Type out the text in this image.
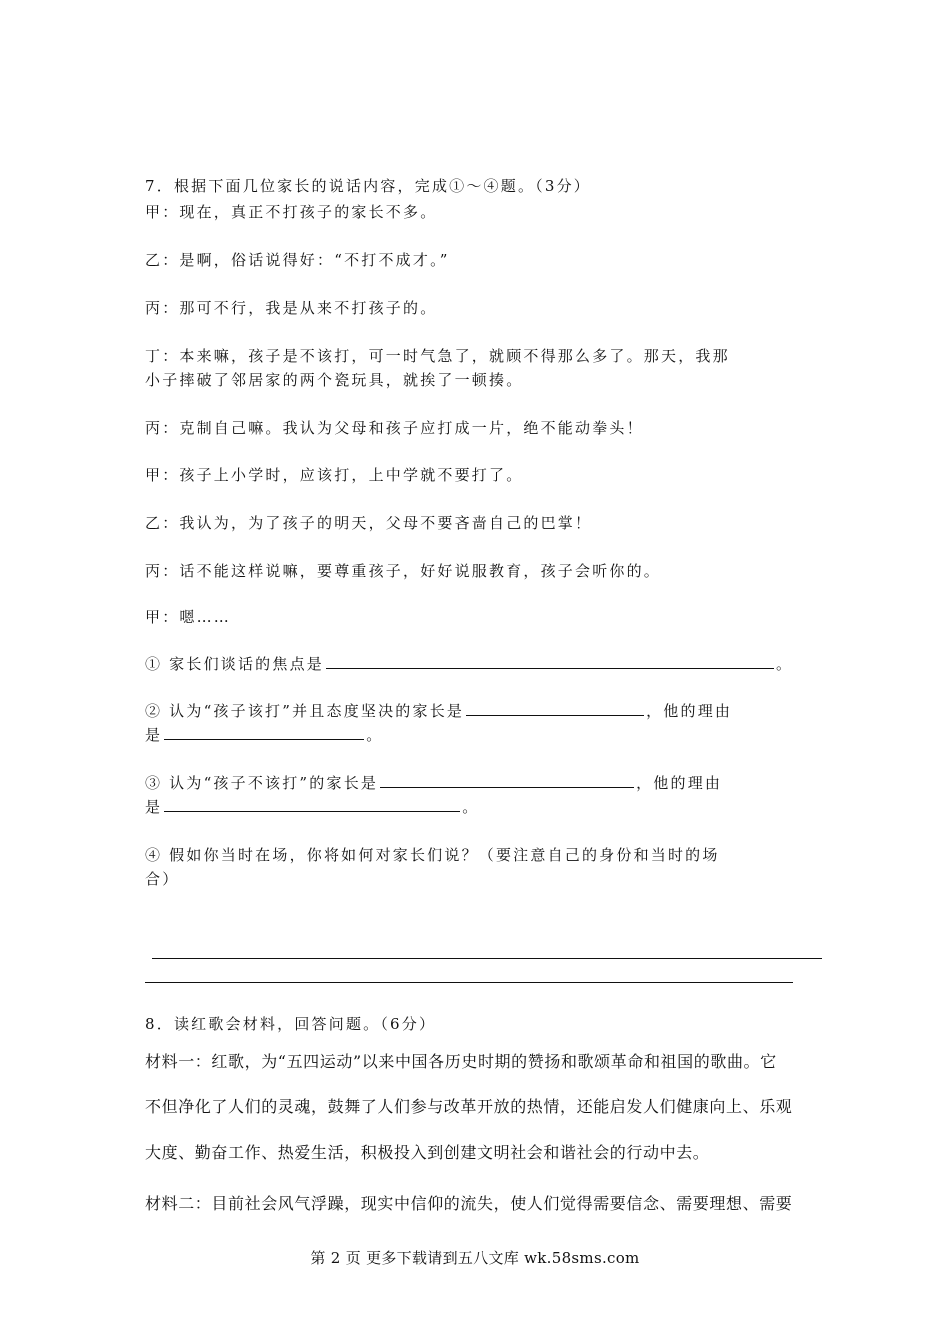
7．根据下面几位家长的说话内容，完成①～④题。（3分）
甲：现在，真正不打孩子的家长不多。
乙：是啊，俗话说得好：“不打不成才。”
丙：那可不行，我是从来不打孩子的。
丁：本来嘛，孩子是不该打，可一时气急了，就顾不得那么多了。那天，我那
小子摔破了邻居家的两个瓷玩具，就挨了一顿揍。
丙：克制自己嘛。我认为父母和孩子应打成一片，绝不能动拳头！
甲：孩子上小学时，应该打，上中学就不要打了。
乙：我认为，为了孩子的明天，父母不要吝啬自己的巴掌！
丙：话不能这样说嘛，要尊重孩子，好好说服教育，孩子会听你的。
甲：嗯……
① 家长们谈话的焦点是	。
② 认为“孩子该打”并且态度坚决的家长是	，他的理由
是	。
③ 认为“孩子不该打”的家长是	，他的理由
是	。
④ 假如你当时在场，你将如何对家长们说？（要注意自己的身份和当时的场
合）
8．读红歌会材料，回答问题。（6分）
材料一：红歌，为“五四运动”以来中国各历史时期的赞扬和歌颂革命和祖国的歌曲。它
不但净化了人们的灵魂，鼓舞了人们参与改革开放的热情，还能启发人们健康向上、乐观
大度、勤奋工作、热爱生活，积极投入到创建文明社会和谐社会的行动中去。
材料二：目前社会风气浮躁，现实中信仰的流失，使人们觉得需要信念、需要理想、需要
第 2 页 更多下载请到五八文库 wk.58sms.com
